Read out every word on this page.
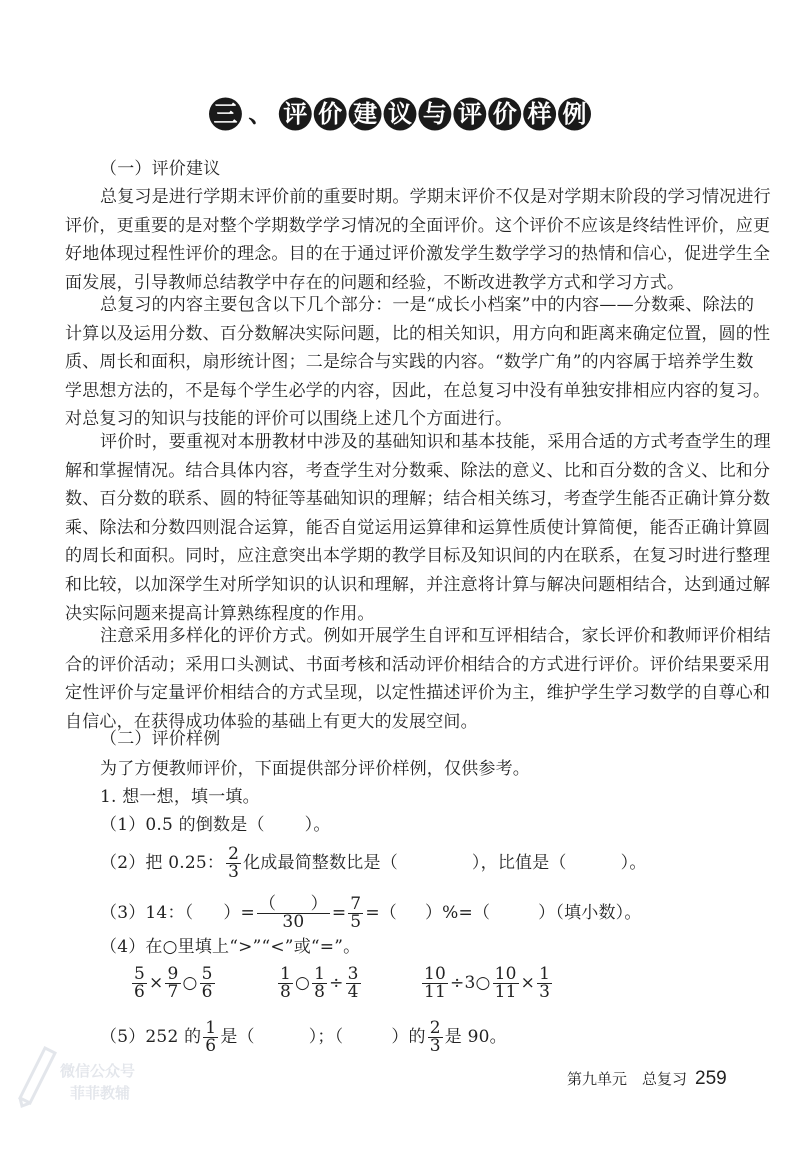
三 、 评 价 建 议 与 评 价 样 例
（一）评价建议
总复习是进行学期末评价前的重要时期。学期末评价不仅是对学期末阶段的学习情况进行
评价，更重要的是对整个学期数学学习情况的全面评价。这个评价不应该是终结性评价，应更
好地体现过程性评价的理念。目的在于通过评价激发学生数学学习的热情和信心，促进学生全
面发展，引导教师总结教学中存在的问题和经验，不断改进教学方式和学习方式。
总复习的内容主要包含以下几个部分：一是“成长小档案”中的内容——分数乘、除法的
计算以及运用分数、百分数解决实际问题，比的相关知识，用方向和距离来确定位置，圆的性
质、周长和面积，扇形统计图；二是综合与实践的内容。“数学广角”的内容属于培养学生数
学思想方法的，不是每个学生必学的内容，因此，在总复习中没有单独安排相应内容的复习。
对总复习的知识与技能的评价可以围绕上述几个方面进行。
评价时，要重视对本册教材中涉及的基础知识和基本技能，采用合适的方式考查学生的理
解和掌握情况。结合具体内容，考查学生对分数乘、除法的意义、比和百分数的含义、比和分
数、百分数的联系、圆的特征等基础知识的理解；结合相关练习，考查学生能否正确计算分数
乘、除法和分数四则混合运算，能否自觉运用运算律和运算性质使计算简便，能否正确计算圆
的周长和面积。同时，应注意突出本学期的教学目标及知识间的内在联系，在复习时进行整理
和比较，以加深学生对所学知识的认识和理解，并注意将计算与解决问题相结合，达到通过解
决实际问题来提高计算熟练程度的作用。
注意采用多样化的评价方式。例如开展学生自评和互评相结合，家长评价和教师评价相结
合的评价活动；采用口头测试、书面考核和活动评价相结合的方式进行评价。评价结果要采用
定性评价与定量评价相结合的方式呈现，以定性描述评价为主，维护学生学习数学的自尊心和
自信心，在获得成功体验的基础上有更大的发展空间。
（二）评价样例
为了方便教师评价，下面提供部分评价样例，仅供参考。
1. 想一想，填一填。
（1）0.5 的倒数是（ ）。
（2）把 0.25： $\frac{2}{3}$ 化成最简整数比是（	），比值是（	）。
（3）14：（ ）= $\frac{( )}{30} = \frac{7}{5}$ =（ ）%=（	）（填小数）。
（4）在○里填上“>”“<”或“=”。
$\frac{5}{6} \times \frac{9}{7}$ ○ $\frac{5}{6}$	$\frac{1}{8}$ ○ $\frac{1}{8} \div \frac{3}{4}$	$\frac{10}{11}$ ÷3○ $\frac{10}{11} \times \frac{1}{3}$
（5）252 的 $\frac{1}{6}$ 是（	）；（	）的 $\frac{2}{3}$ 是 90。
微信公众号
菲菲教辅
第九单元　总复习 259
